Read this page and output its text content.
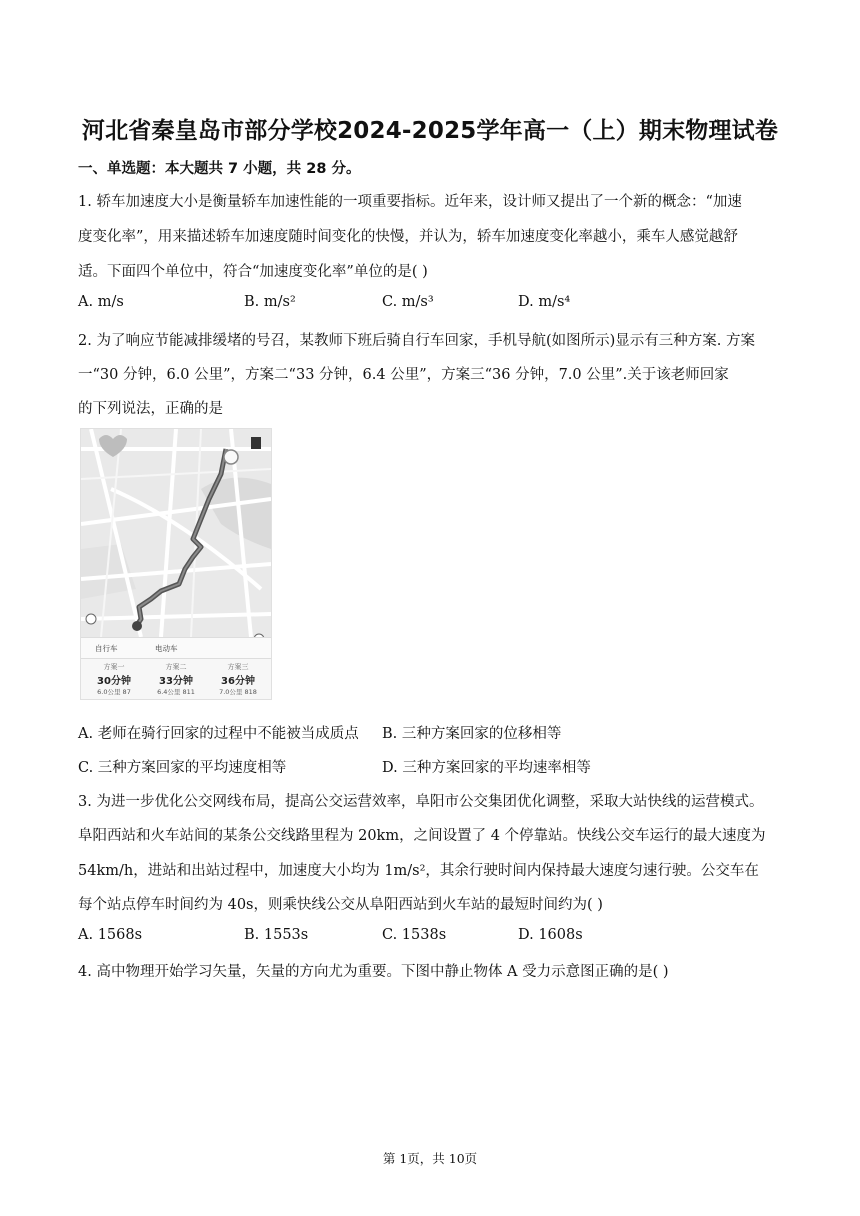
河北省秦皇岛市部分学校2024-2025学年高一（上）期末物理试卷
一、单选题：本大题共 7 小题，共 28 分。
1. 轿车加速度大小是衡量轿车加速性能的一项重要指标。近年来，设计师又提出了一个新的概念：“加速
度变化率”，用来描述轿车加速度随时间变化的快慢，并认为，轿车加速度变化率越小，乘车人感觉越舒
适。下面四个单位中，符合“加速度变化率”单位的是( )
A. m/s	B. m/s²	C. m/s³	D. m/s⁴
2. 为了响应节能减排缓堵的号召，某教师下班后骑自行车回家，手机导航(如图所示)显示有三种方案. 方案
一“30 分钟，6.0 公里”，方案二“33 分钟，6.4 公里”，方案三“36 分钟，7.0 公里”.关于该老师回家
的下列说法，正确的是
自行车	电动车
方案一
30分钟
6.0公里 87
方案二
33分钟
6.4公里 811
方案三
36分钟
7.0公里 818
A. 老师在骑行回家的过程中不能被当成质点 B. 三种方案回家的位移相等
C. 三种方案回家的平均速度相等	D. 三种方案回家的平均速率相等
3. 为进一步优化公交网线布局，提高公交运营效率，阜阳市公交集团优化调整，采取大站快线的运营模式。
阜阳西站和火车站间的某条公交线路里程为 20km，之间设置了 4 个停靠站。快线公交车运行的最大速度为
54km/h，进站和出站过程中，加速度大小均为 1m/s²，其余行驶时间内保持最大速度匀速行驶。公交车在
每个站点停车时间约为 40s，则乘快线公交从阜阳西站到火车站的最短时间约为( )
A. 1568s	B. 1553s	C. 1538s	D. 1608s
4. 高中物理开始学习矢量，矢量的方向尤为重要。下图中静止物体 A 受力示意图正确的是( )
第 1页，共 10页
